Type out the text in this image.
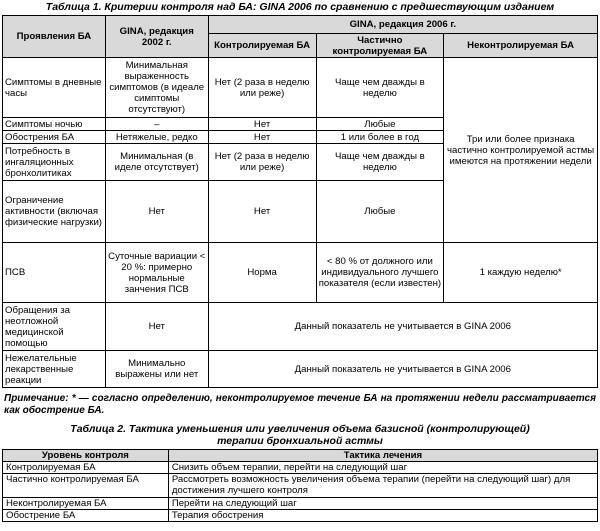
Таблица 1. Критерии контроля над БА: GINA 2006 по сравнению с предшествующим изданием
Проявления БА	GINA, редакция 2002 г.	GINA, редакция 2006 г.		
		Контролируемая БА	Частично контролируемая БА	Неконтролируемая БА
Симптомы в дневные часы	Минимальная выраженность симптомов (в идеале симптомы отсутствуют)	Нет (2 раза в неделю или реже)	Чаще чем дважды в неделю	Три или более признака частично контролируемой астмы имеются на протяжении недели
Симптомы ночью	–	Нет	Любые	
Обострения БА	Нетяжелые, редко	Нет	1 или более в год	
Потребность в ингаляционных бронхолитиках	Минимальная (в иделе отсутствует)	Нет (2 раза в неделю или реже)	Чаще чем дважды в неделю	
Ограничение активности (включая физические нагрузки)	Нет	Нет	Любые	
ПСВ	Суточные вариации < 20 %: примерно нормальные занчения ПСВ	Норма	< 80 % от должного или индивидуального лучшего показателя (если известен)	1 каждую неделю*
Обращения за неотложной медицинской помощью	Нет	Данный показатель не учитывается в GINA 2006		
Нежелательные лекарственные реакции	Минимально выражены или нет	Данный показатель не учитывается в GINA 2006		
Примечание: * — согласно определению, неконтролируемое течение БА на протяжении недели рассматривается как обострение БА.
Таблица 2. Тактика уменьшения или увеличения объема базисной (контролирующей) терапии бронхиальной астмы
Уровень контроля	Тактика лечения
Контролируемая БА	Снизить объем терапии, перейти на следующий шаг
Частично контролируемая БА	Рассмотреть возможность увеличения объема терапии (перейти на следующий шаг) для достижения лучшего контроля
Неконтролируемая БА	Перейти на следующий шаг
Обострение БА	Терапия обострения
